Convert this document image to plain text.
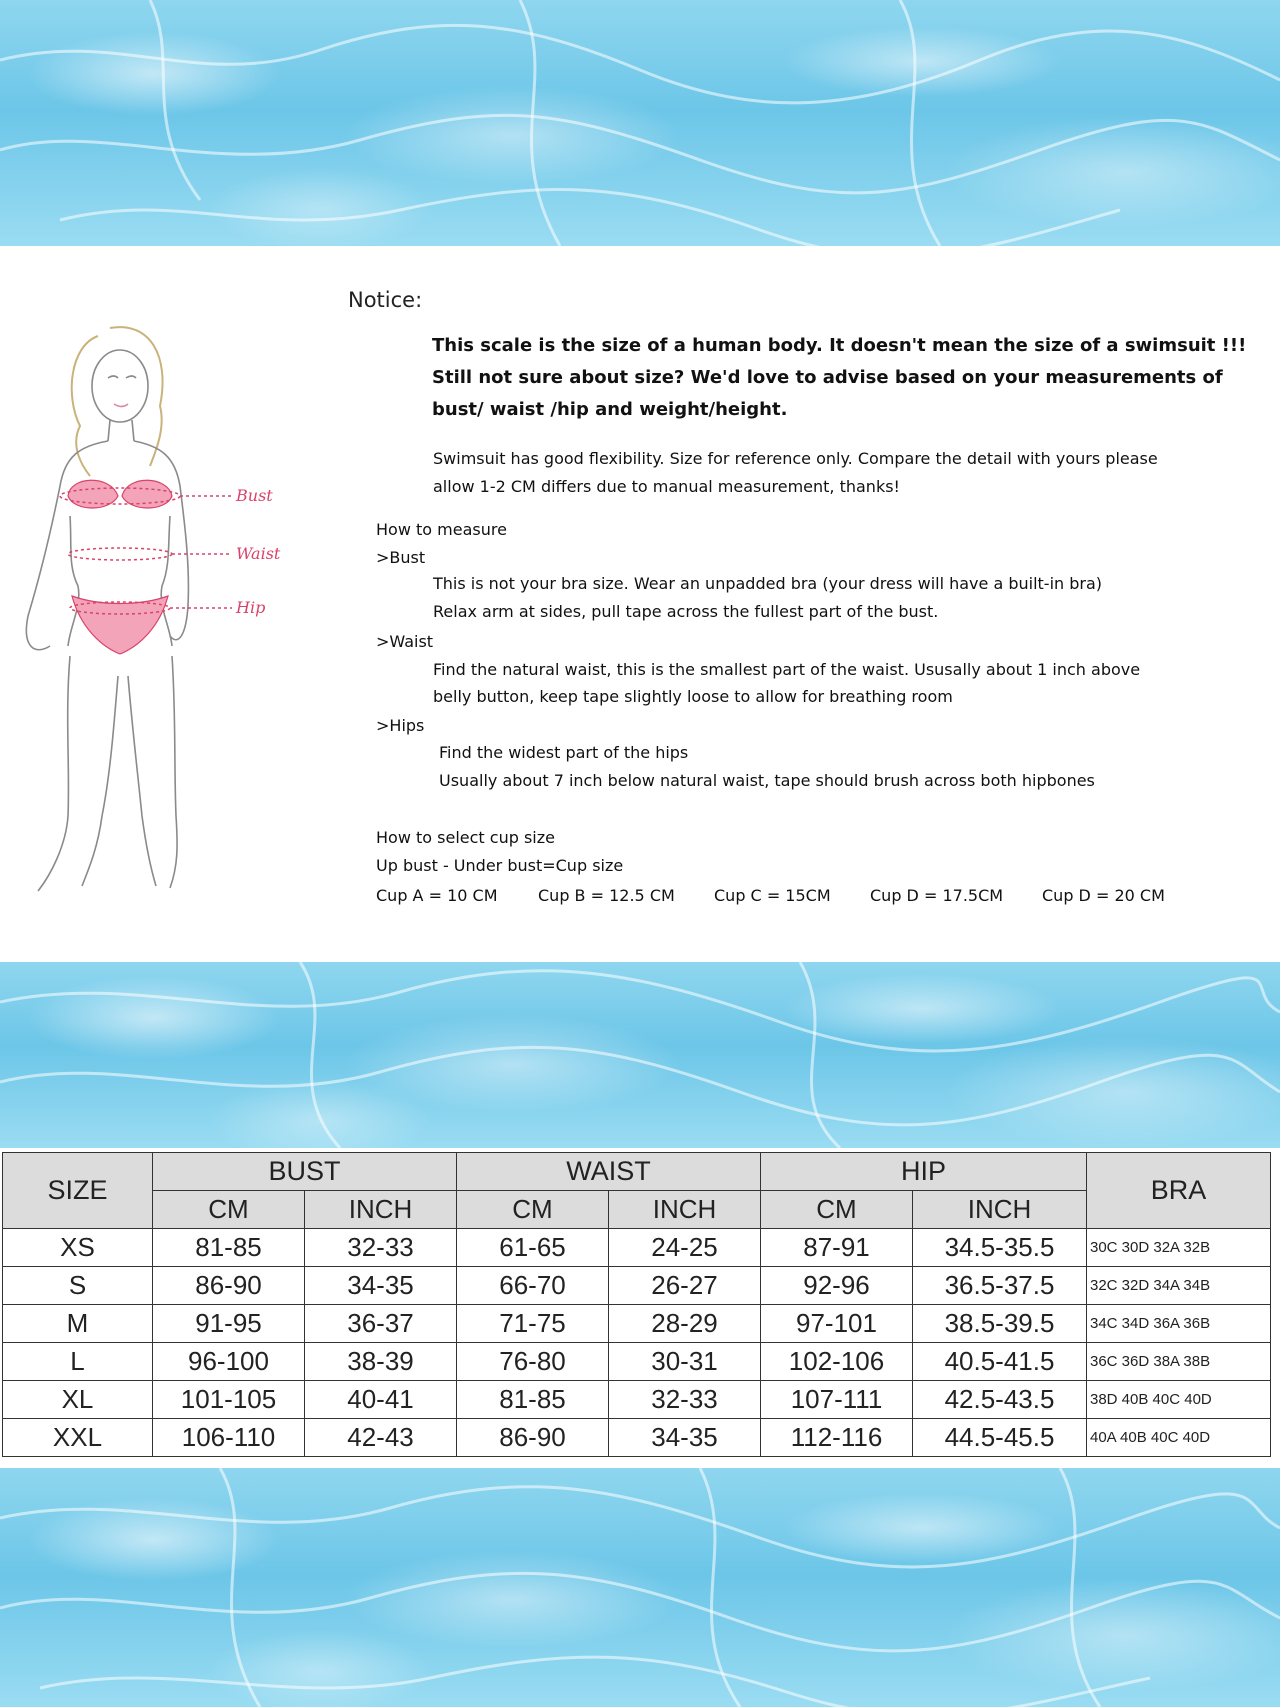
Bust
Waist
Hip
Notice:
This scale is the size of a human body. It doesn't mean the size of a swimsuit !!!
Still not sure about size? We'd love to advise based on your measurements of
bust/ waist /hip and weight/height.
Swimsuit has good flexibility. Size for reference only. Compare the detail with yours please
allow 1-2 CM differs due to manual measurement, thanks!
How to measure
>Bust
This is not your bra size. Wear an unpadded bra (your dress will have a built-in bra)
Relax arm at sides, pull tape across the fullest part of the bust.
>Waist
Find the natural waist, this is the smallest part of the waist. Ususally about 1 inch above
belly button, keep tape slightly loose to allow for breathing room
>Hips
Find the widest part of the hips
Usually about 7 inch below natural waist, tape should brush across both hipbones
How to select cup size
Up bust - Under bust=Cup size
Cup A = 10 CM	Cup B = 12.5 CM Cup C = 15CM Cup D = 17.5CM Cup D = 20 CM
SIZE	BUST		WAIST		HIP		BRA
	CM	INCH	CM	INCH	CM	INCH	
XS	81-85	32-33	61-65	24-25	87-91	34.5-35.5	30C 30D 32A 32B
S	86-90	34-35	66-70	26-27	92-96	36.5-37.5	32C 32D 34A 34B
M	91-95	36-37	71-75	28-29	97-101	38.5-39.5	34C 34D 36A 36B
L	96-100	38-39	76-80	30-31	102-106	40.5-41.5	36C 36D 38A 38B
XL	101-105	40-41	81-85	32-33	107-111	42.5-43.5	38D 40B 40C 40D
XXL	106-110	42-43	86-90	34-35	112-116	44.5-45.5	40A 40B 40C 40D
